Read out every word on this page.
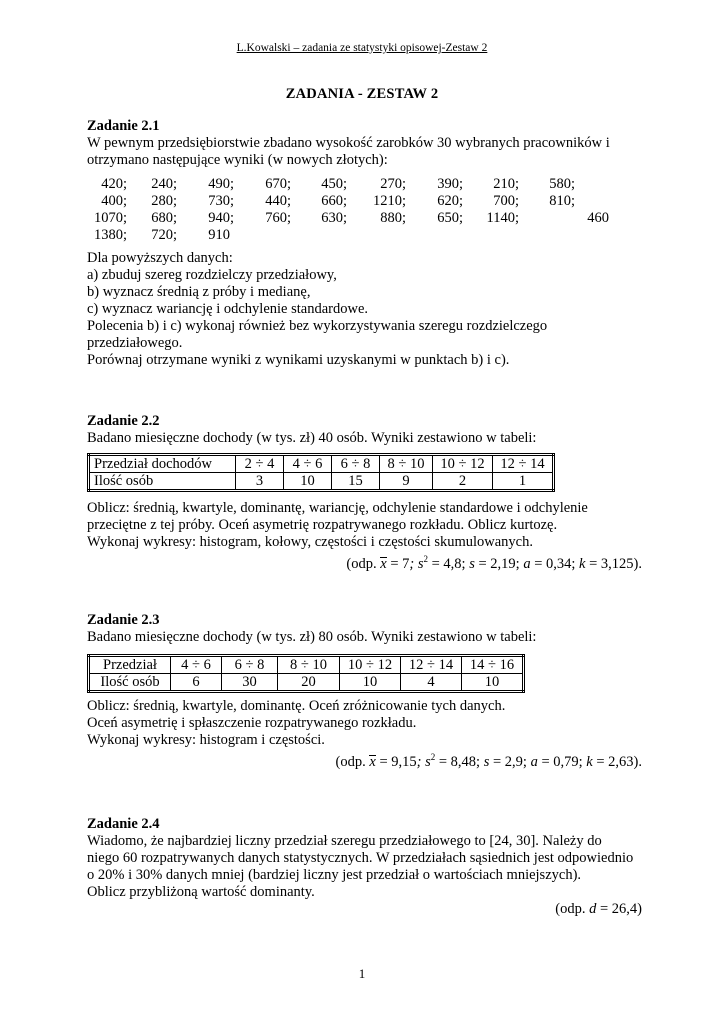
L.Kowalski – zadania ze statystyki opisowej-Zestaw 2
ZADANIA - ZESTAW 2
Zadanie 2.1
W pewnym przedsiębiorstwie zbadano wysokość zarobków 30 wybranych pracowników i
otrzymano następujące wyniki (w nowych złotych):
420; 240; 490; 670; 450; 270; 390; 210; 580;
400; 280; 730; 440; 660; 1210; 620; 700; 810;
1070; 680; 940; 760; 630; 880; 650; 1140;	460
1380; 720; 910
Dla powyższych danych:
a) zbuduj szereg rozdzielczy przedziałowy,
b) wyznacz średnią z próby i medianę,
c) wyznacz wariancję i odchylenie standardowe.
Polecenia b) i c) wykonaj również bez wykorzystywania szeregu rozdzielczego
przedziałowego.
Porównaj otrzymane wyniki z wynikami uzyskanymi w punktach b) i c).
Zadanie 2.2
Badano miesięczne dochody (w tys. zł) 40 osób. Wyniki zestawiono w tabeli:
Przedział dochodów	2 ÷ 4	4 ÷ 6	6 ÷ 8	8 ÷ 10	10 ÷ 12	12 ÷ 14
Ilość osób	3	10	15	9	2	1
Oblicz: średnią, kwartyle, dominantę, wariancję, odchylenie standardowe i odchylenie
przeciętne z tej próby. Oceń asymetrię rozpatrywanego rozkładu. Oblicz kurtozę.
Wykonaj wykresy: histogram, kołowy, częstości i częstości skumulowanych.
(odp. x = 7; $s^2 = 4,8$; s = 2,19; a = 0,34; k = 3,125).
Zadanie 2.3
Badano miesięczne dochody (w tys. zł) 80 osób. Wyniki zestawiono w tabeli:
Przedział	4 ÷ 6	6 ÷ 8	8 ÷ 10	10 ÷ 12	12 ÷ 14	14 ÷ 16
Ilość osób	6	30	20	10	4	10
Oblicz: średnią, kwartyle, dominantę. Oceń zróżnicowanie tych danych.
Oceń asymetrię i spłaszczenie rozpatrywanego rozkładu.
Wykonaj wykresy: histogram i częstości.
(odp. x = 9,15; $s^2 = 8,48$; s = 2,9; a = 0,79; k = 2,63).
Zadanie 2.4
Wiadomo, że najbardziej liczny przedział szeregu przedziałowego to [24, 30]. Należy do
niego 60 rozpatrywanych danych statystycznych. W przedziałach sąsiednich jest odpowiednio
o 20% i 30% danych mniej (bardziej liczny jest przedział o wartościach mniejszych).
Oblicz przybliżoną wartość dominanty.
(odp. d = 26,4)
1
